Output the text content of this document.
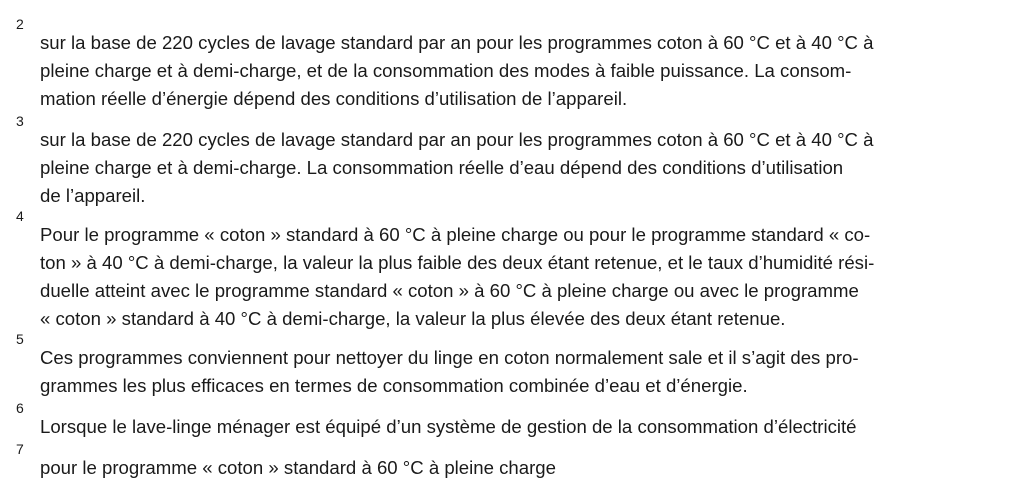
2

sur la base de 220 cycles de lavage standard par an pour les programmes coton à 60 °C et à 40 °C à
pleine charge et à demi-charge, et de la consommation des modes à faible puissance. La consom-
mation réelle d’énergie dépend des conditions d’utilisation de l’appareil.

3

sur la base de 220 cycles de lavage standard par an pour les programmes coton à 60 °C et à 40 °C à
pleine charge et à demi-charge. La consommation réelle d’eau dépend des conditions d’utilisation
de l’appareil.

4

Pour le programme « coton » standard à 60 °C à pleine charge ou pour le programme standard « co-
ton » à 40 °C à demi-charge, la valeur la plus faible des deux étant retenue, et le taux d’humidité rési-
duelle atteint avec le programme standard « coton » à 60 °C à pleine charge ou avec le programme
« coton » standard à 40 °C à demi-charge, la valeur la plus élevée des deux étant retenue.

5

Ces programmes conviennent pour nettoyer du linge en coton normalement sale et il s’agit des pro-
grammes les plus efficaces en termes de consommation combinée d’eau et d’énergie.

6

Lorsque le lave-linge ménager est équipé d’un système de gestion de la consommation d’électricité

7

pour le programme « coton » standard à 60 °C à pleine charge
